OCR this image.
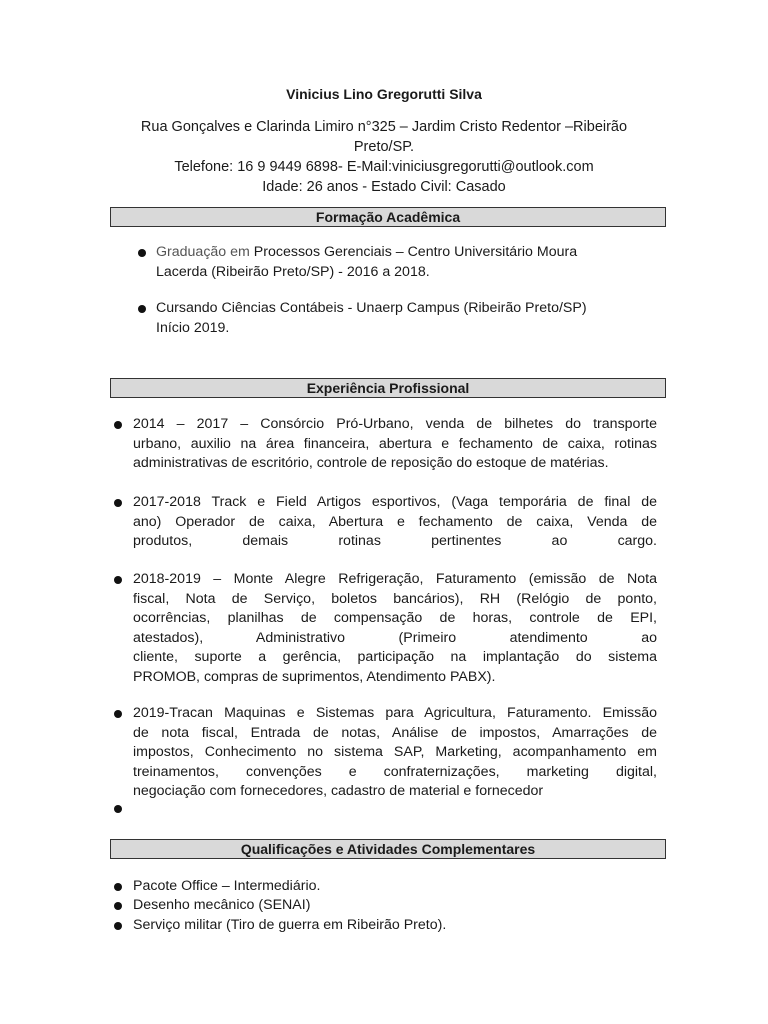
Vinicius Lino Gregorutti Silva
Rua Gonçalves e Clarinda Limiro n°325 – Jardim Cristo Redentor –Ribeirão
Preto/SP.
Telefone: 16 9 9449 6898- E-Mail:viniciusgregorutti@outlook.com
Idade: 26 anos - Estado Civil: Casado
Formação Acadêmica
Graduação em Processos Gerenciais – Centro Universitário Moura
Lacerda (Ribeirão Preto/SP) - 2016 a 2018.
Cursando Ciências Contábeis - Unaerp Campus (Ribeirão Preto/SP)
Início 2019.
Experiência Profissional
2014 – 2017 – Consórcio Pró-Urbano, venda de bilhetes do transporte
urbano, auxilio na área financeira, abertura e fechamento de caixa, rotinas
administrativas de escritório, controle de reposição do estoque de matérias.
2017-2018 Track e Field Artigos esportivos, (Vaga temporária de final de
ano) Operador de caixa, Abertura e fechamento de caixa, Venda de
produtos, demais rotinas pertinentes ao cargo.
2018-2019 – Monte Alegre Refrigeração, Faturamento (emissão de Nota
fiscal, Nota de Serviço, boletos bancários), RH (Relógio de ponto,
ocorrências, planilhas de compensação de horas, controle de EPI,
atestados), Administrativo (Primeiro atendimento ao
cliente, suporte a gerência, participação na implantação do sistema
PROMOB, compras de suprimentos, Atendimento PABX).
2019-Tracan Maquinas e Sistemas para Agricultura, Faturamento. Emissão
de nota fiscal, Entrada de notas, Análise de impostos, Amarrações de
impostos, Conhecimento no sistema SAP, Marketing, acompanhamento em
treinamentos, convenções e confraternizações, marketing digital,
negociação com fornecedores, cadastro de material e fornecedor
Qualificações e Atividades Complementares
Pacote Office – Intermediário.
Desenho mecânico (SENAI)
Serviço militar (Tiro de guerra em Ribeirão Preto).
